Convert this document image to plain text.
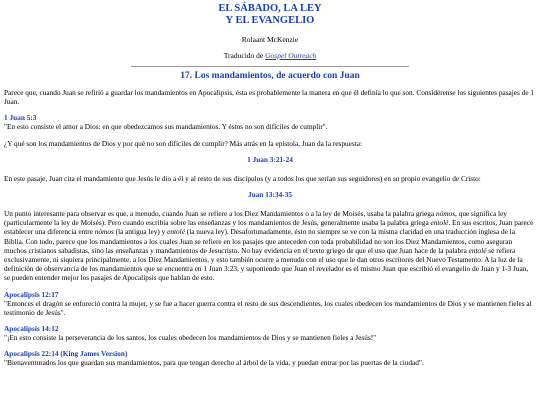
EL SÁBADO, LA LEY
Y EL EVANGELIO
Rolaant McKenzie
Traducido de Gospel Outreach
17. Los mandamientos, de acuerdo con Juan

Parece que, cuando Juan se refirió a guardar los mandamientos en Apocalipsis, ésta es probablemente la manera en que él definía lo que son. Considérense los siguientes pasajes de 1 Juan.

1 Juan 5:3

"En esto consiste el amor a Dios: en que obedezcamos sus mandamientos. Y éstos no son difíciles de cumplir".

¿Y qué son los mandamientos de Dios y por qué no son difíciles de cumplir? Más atrás en la epístola, Juan da la respuesta:

1 Juan 3:21-24

En este pasaje, Juan cita el mandamiento que Jesús le dio a él y al resto de sus discípulos (y a todos los que serían sus seguidores) en su propio evangelio de Cristo:

Juan 13:34-35

Un punto interesante para observar es que, a menudo, cuando Juan se refiere a los Diez Mandamientos o a la ley de Moisés, usaba la palabra griega nómos, que significa ley (particularmente la ley de Moisés). Pero cuando escribía sobre las enseñanzas y los mandamientos de Jesús, generalmente usaba la palabra griega entolé. En sus escritos, Juan parece establecer una diferencia entre nómos (la antigua ley) y entolé (la nueva ley). Desafortunadamente, ésto no siempre se ve con la misma claridad en una traducción inglesa de la Biblia. Con todo, parece que los mandamientos a los cuales Juan se refiere en los pasajes que anteceden con toda probabilidad no son los Diez Mandamientos, como aseguran muchos cristianos sabadistas, sino las enseñanzas y mandamientos de Jesucristo. No hay evidencia en el texto griego de que el uso que Juan hace de la palabra entolé se refiera exclusivamente, ni siquiera principalmente, a los Diez Mandamientos, y esto también ocurre a menudo con el uso que le dan otros escritores del Nuevo Testamento. A la luz de la definición de observancia de los mandamientos que se encuentra en 1 Juan 3:23, y suponiendo que Juan el revelador es el mismo Juan que escribió el evangelio de Juan y 1-3 Juan, se pueden entender mejor los pasajes de Apocalipsis que hablan de esto.

Apocalipsis 12:17

"Entonces el dragón se enfureció contra la mujer, y se fue a hacer guerra contra el resto de sus descendientes, los cuales obedecen los mandamientos de Dios y se mantienen fieles al testimonio de Jesús".

Apocalipsis 14:12

"¡En esto consiste la perseverancia de los santos, los cuales obedecen los mandamientos de Dios y se mantienen fieles a Jesús!"

Apocalipsis 22:14 (King James Version)

"Bienaventurados los que guardan sus mandamientos, para que tengan derecho al árbol de la vida, y puedan entrar por las puertas de la ciudad".
